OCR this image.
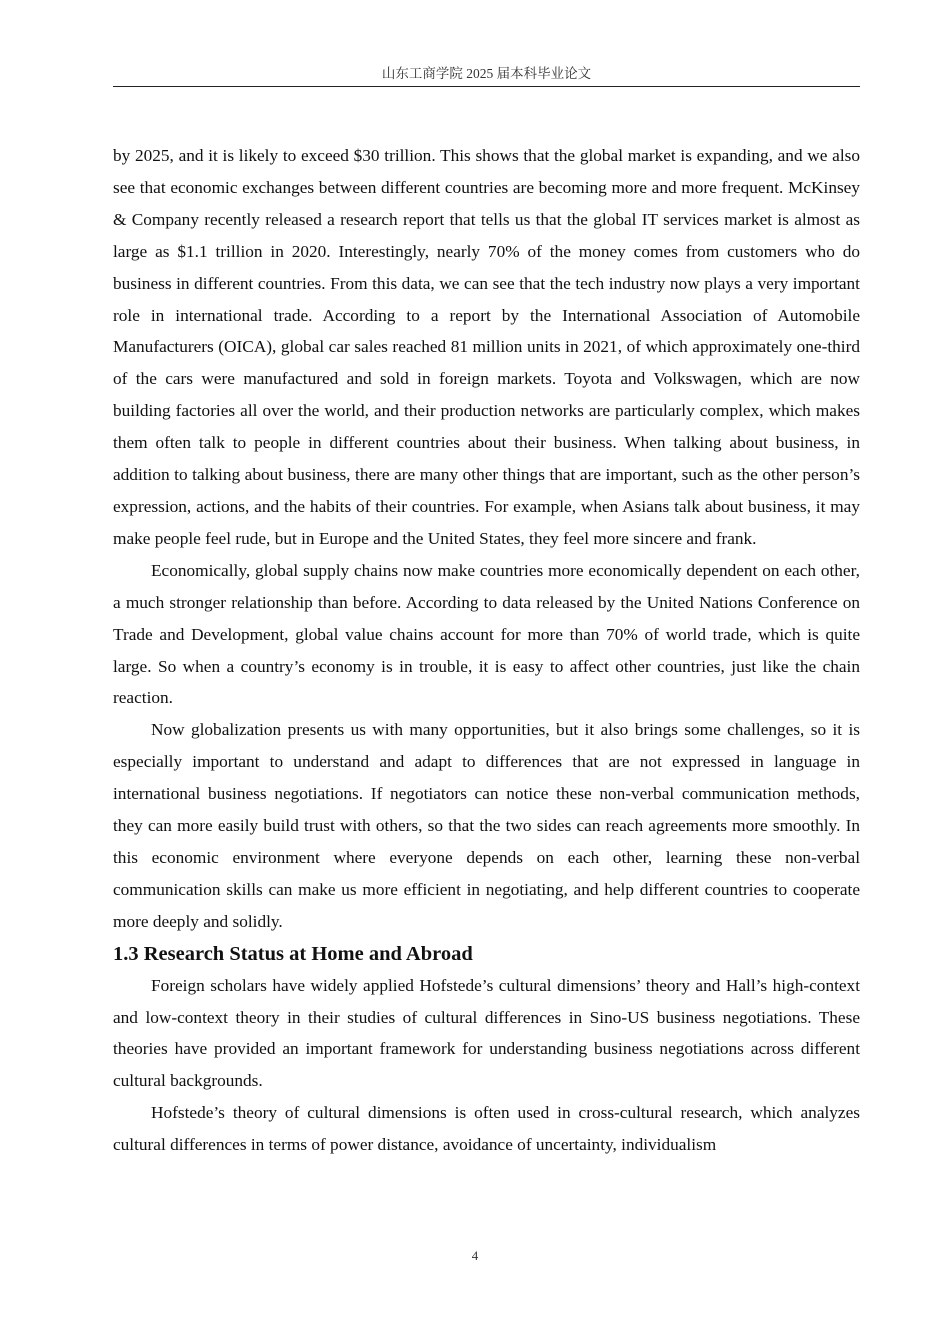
山东工商学院 2025 届本科毕业论文

by 2025, and it is likely to exceed $30 trillion. This shows that the global market is expanding, and we also see that economic exchanges between different countries are becoming more and more frequent. McKinsey & Company recently released a research report that tells us that the global IT services market is almost as large as $1.1 trillion in 2020. Interestingly, nearly 70% of the money comes from customers who do business in different countries. From this data, we can see that the tech industry now plays a very important role in international trade. According to a report by the International Association of Automobile Manufacturers (OICA), global car sales reached 81 million units in 2021, of which approximately one-third of the cars were manufactured and sold in foreign markets. Toyota and Volkswagen, which are now building factories all over the world, and their production networks are particularly complex, which makes them often talk to people in different countries about their business. When talking about business, in addition to talking about business, there are many other things that are important, such as the other person’s expression, actions, and the habits of their countries. For example, when Asians talk about business, it may make people feel rude, but in Europe and the United States, they feel more sincere and frank.

Economically, global supply chains now make countries more economically dependent on each other, a much stronger relationship than before. According to data released by the United Nations Conference on Trade and Development, global value chains account for more than 70% of world trade, which is quite large. So when a country’s economy is in trouble, it is easy to affect other countries, just like the chain reaction.

Now globalization presents us with many opportunities, but it also brings some challenges, so it is especially important to understand and adapt to differences that are not expressed in language in international business negotiations. If negotiators can notice these non-verbal communication methods, they can more easily build trust with others, so that the two sides can reach agreements more smoothly. In this economic environment where everyone depends on each other, learning these non-verbal communication skills can make us more efficient in negotiating, and help different countries to cooperate more deeply and solidly.

1.3 Research Status at Home and Abroad

Foreign scholars have widely applied Hofstede’s cultural dimensions’ theory and Hall’s high-context and low-context theory in their studies of cultural differences in Sino-US business negotiations. These theories have provided an important framework for understanding business negotiations across different cultural backgrounds.

Hofstede’s theory of cultural dimensions is often used in cross-cultural research, which analyzes cultural differences in terms of power distance, avoidance of uncertainty, individualism

4
